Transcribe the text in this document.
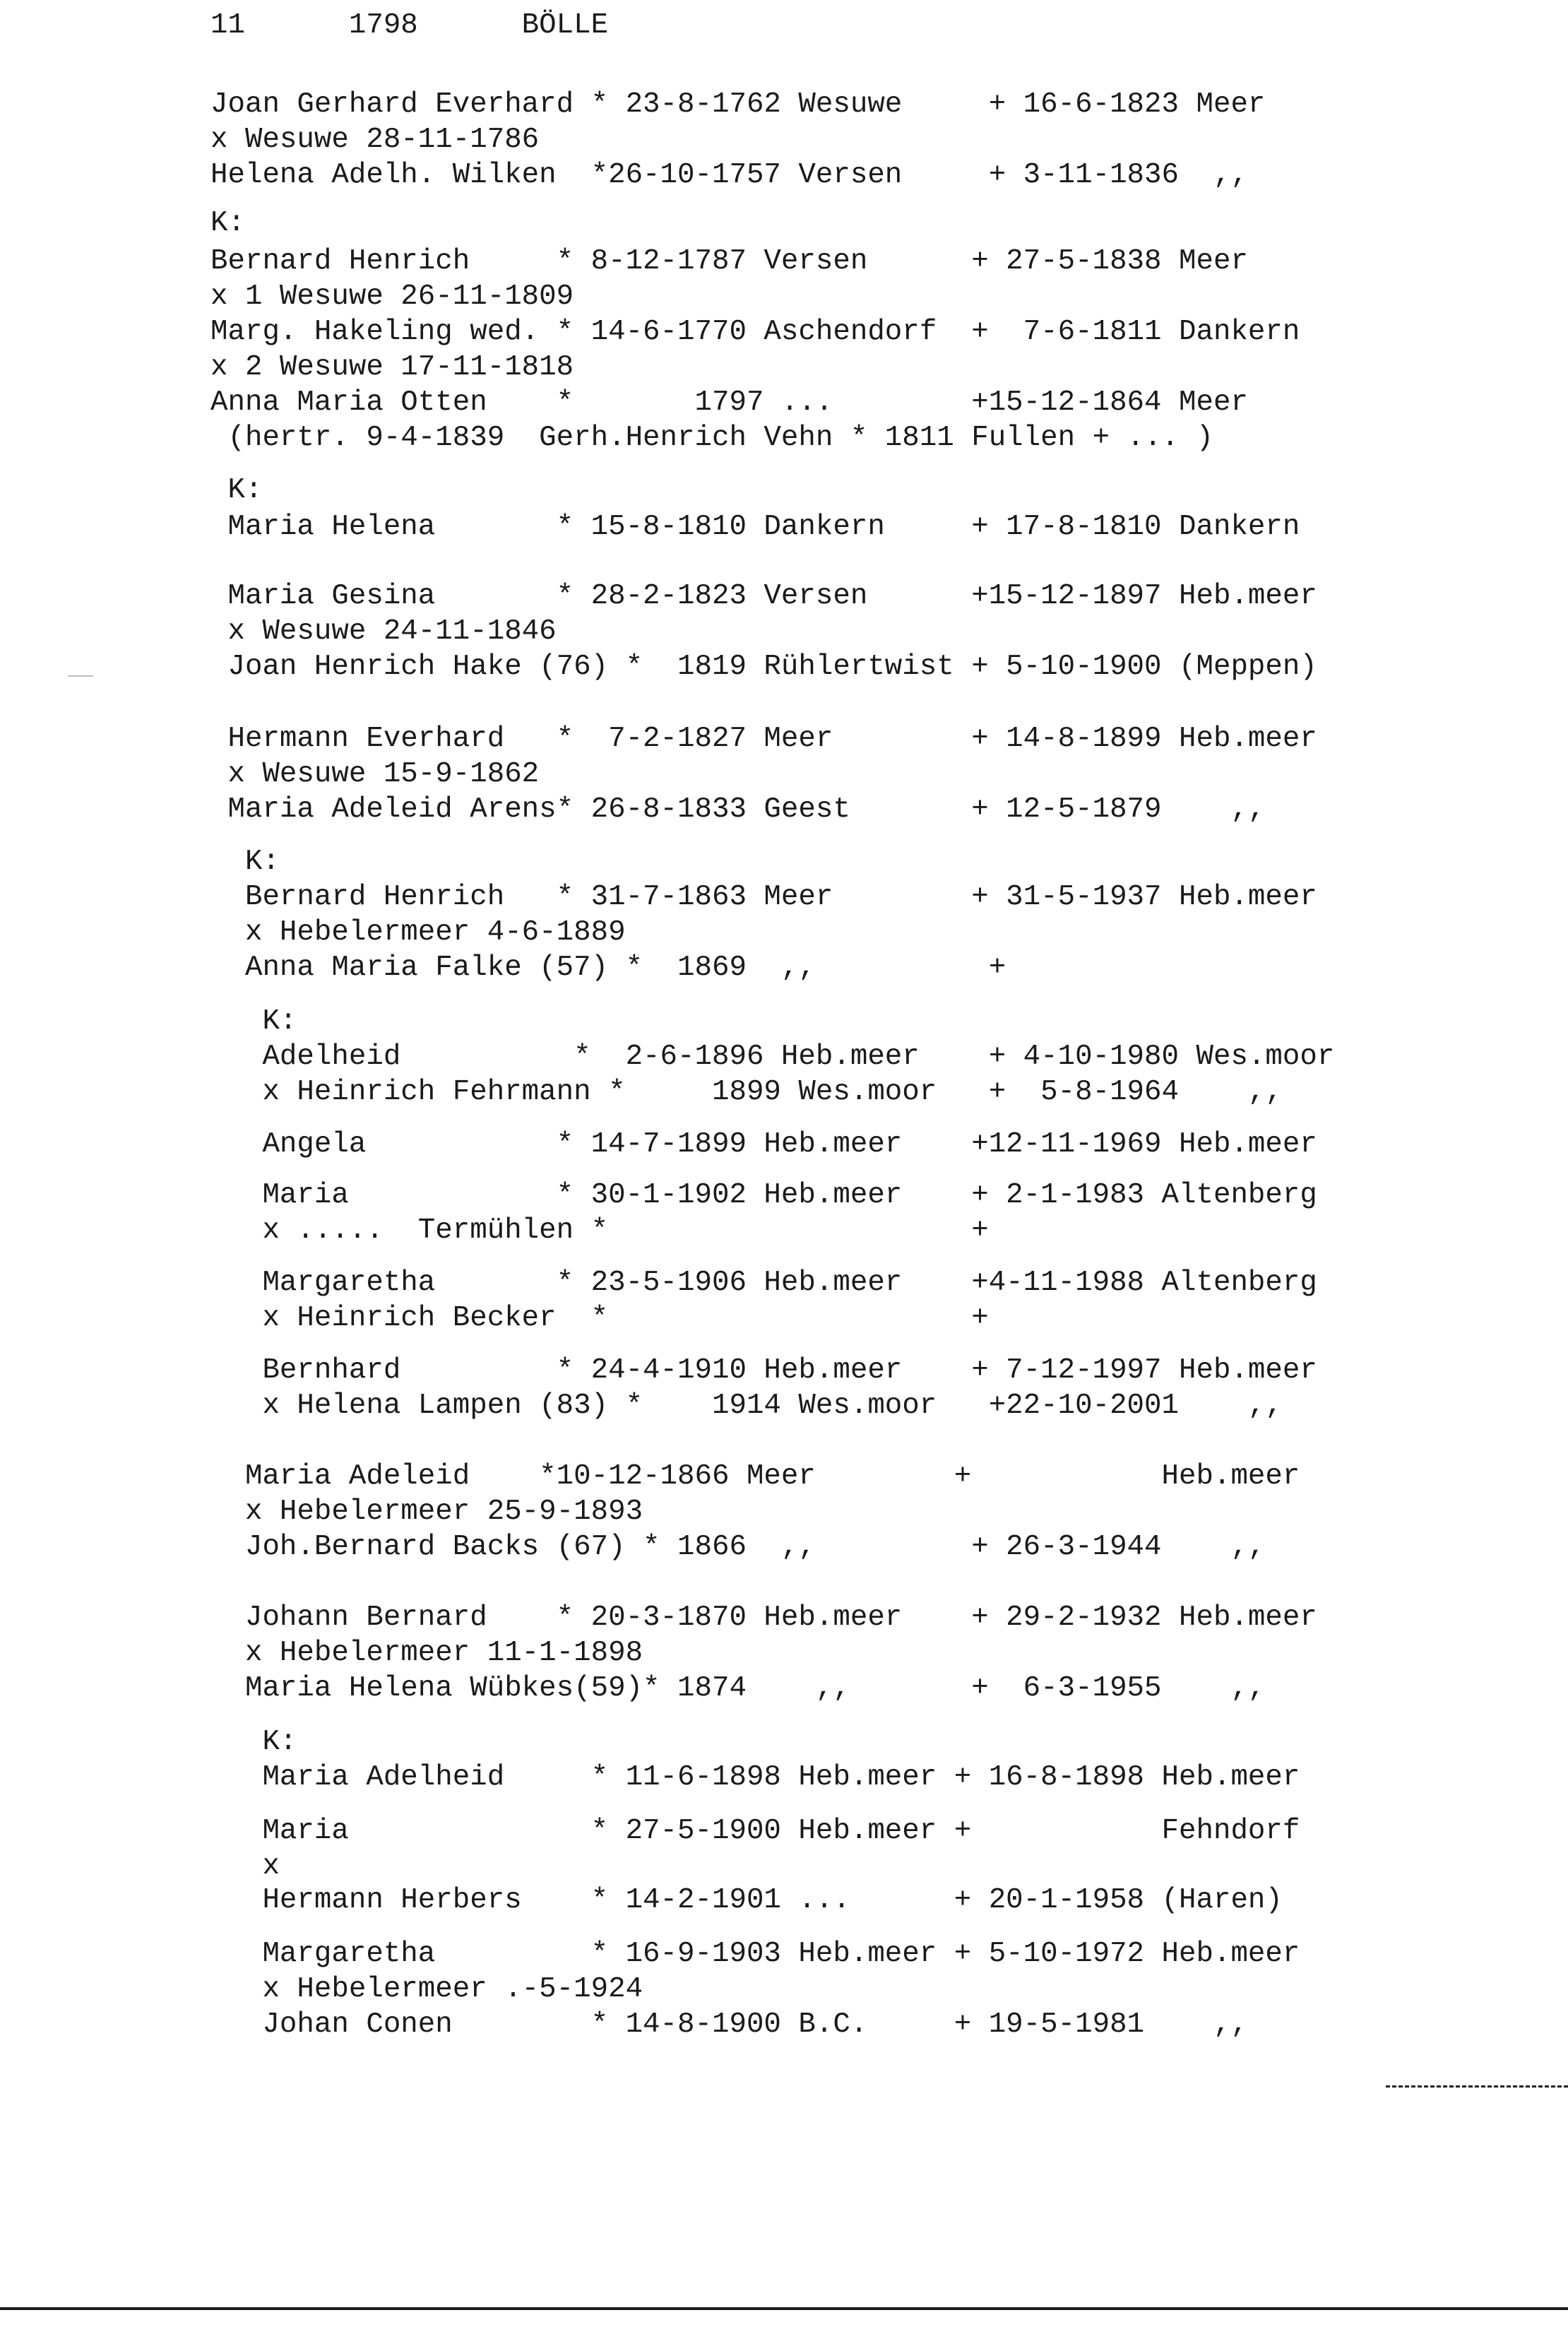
11      1798      BÖLLE
Joan Gerhard Everhard * 23-8-1762 Wesuwe     + 16-6-1823 Meer
x Wesuwe 28-11-1786
Helena Adelh. Wilken  *26-10-1757 Versen     + 3-11-1836  ,,
K:
Bernard Henrich     * 8-12-1787 Versen      + 27-5-1838 Meer
x 1 Wesuwe 26-11-1809
Marg. Hakeling wed. * 14-6-1770 Aschendorf  +  7-6-1811 Dankern
x 2 Wesuwe 17-11-1818
Anna Maria Otten    *       1797 ...        +15-12-1864 Meer
(hertr. 9-4-1839  Gerh.Henrich Vehn * 1811 Fullen + ... )
K:
Maria Helena       * 15-8-1810 Dankern     + 17-8-1810 Dankern
Maria Gesina       * 28-2-1823 Versen      +15-12-1897 Heb.meer
x Wesuwe 24-11-1846
Joan Henrich Hake (76) *  1819 Rühlertwist + 5-10-1900 (Meppen)
Hermann Everhard   *  7-2-1827 Meer        + 14-8-1899 Heb.meer
x Wesuwe 15-9-1862
Maria Adeleid Arens* 26-8-1833 Geest       + 12-5-1879    ,,
K:
Bernard Henrich   * 31-7-1863 Meer        + 31-5-1937 Heb.meer
x Hebelermeer 4-6-1889
Anna Maria Falke (57) *  1869  ,,          +
K:
Adelheid          *  2-6-1896 Heb.meer    + 4-10-1980 Wes.moor
x Heinrich Fehrmann *     1899 Wes.moor   +  5-8-1964    ,,
Angela           * 14-7-1899 Heb.meer    +12-11-1969 Heb.meer
Maria            * 30-1-1902 Heb.meer    + 2-1-1983 Altenberg
x .....  Termühlen *                     +
Margaretha       * 23-5-1906 Heb.meer    +4-11-1988 Altenberg
x Heinrich Becker  *                     +
Bernhard         * 24-4-1910 Heb.meer    + 7-12-1997 Heb.meer
x Helena Lampen (83) *    1914 Wes.moor   +22-10-2001    ,,
Maria Adeleid    *10-12-1866 Meer        +           Heb.meer
x Hebelermeer 25-9-1893
Joh.Bernard Backs (67) * 1866  ,,         + 26-3-1944    ,,
Johann Bernard    * 20-3-1870 Heb.meer    + 29-2-1932 Heb.meer
x Hebelermeer 11-1-1898
Maria Helena Wübkes(59)* 1874    ,,       +  6-3-1955    ,,
K:
Maria Adelheid     * 11-6-1898 Heb.meer + 16-8-1898 Heb.meer
Maria              * 27-5-1900 Heb.meer +           Fehndorf
x
Hermann Herbers    * 14-2-1901 ...      + 20-1-1958 (Haren)
Margaretha         * 16-9-1903 Heb.meer + 5-10-1972 Heb.meer
x Hebelermeer .-5-1924
Johan Conen        * 14-8-1900 B.C.     + 19-5-1981    ,,
